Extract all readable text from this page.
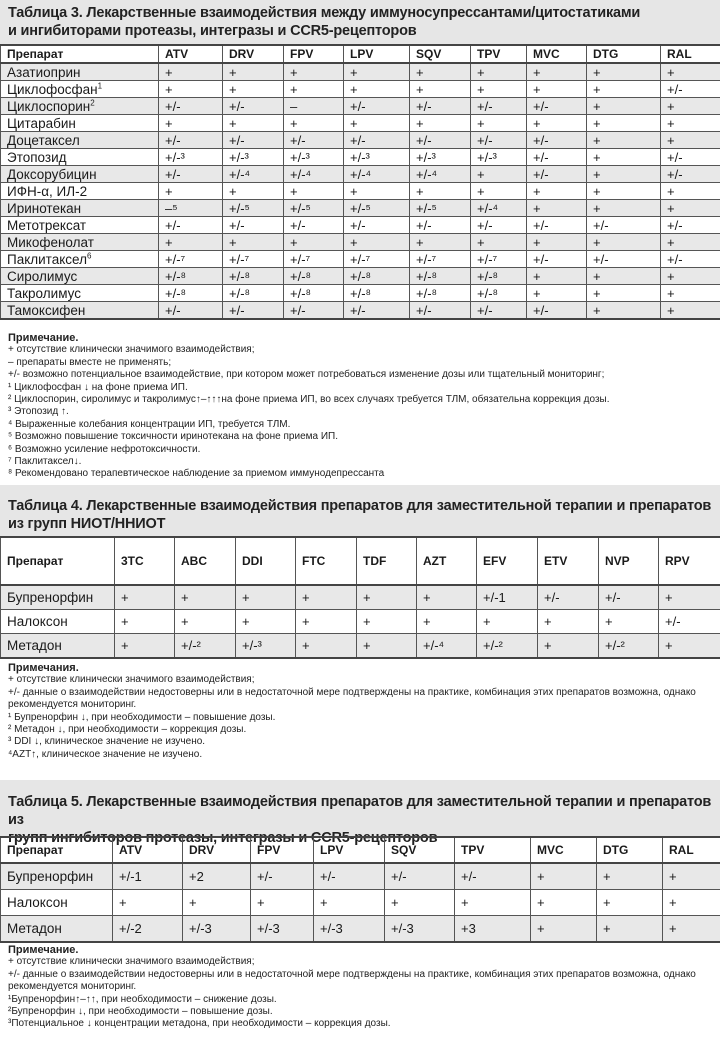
Таблица 3. Лекарственные взаимодействия между иммуносупрессантами/цитостатиками
и ингибиторами протеазы, интегразы и CCR5-рецепторов
Препарат	ATV	DRV	FPV	LPV	SQV	TPV	MVC	DTG	RAL
Азатиоприн	+	+	+	+	+	+	+	+	+
Циклофосфан$^1$	+	+	+	+	+	+	+	+	+/-
Циклоспорин$^2$	+/-	+/-	–	+/-	+/-	+/-	+/-	+	+
Цитарабин	+	+	+	+	+	+	+	+	+
Доцетаксел	+/-	+/-	+/-	+/-	+/-	+/-	+/-	+	+
Этопозид	+/-³	+/-³	+/-³	+/-³	+/-³	+/-³	+/-	+	+/-
Доксорубицин	+/-	+/-⁴	+/-⁴	+/-⁴	+/-⁴	+	+/-	+	+/-
ИФН-α, ИЛ-2	+	+	+	+	+	+	+	+	+
Иринотекан	–⁵	+/-⁵	+/-⁵	+/-⁵	+/-⁵	+/-⁴	+	+	+
Метотрексат	+/-	+/-	+/-	+/-	+/-	+/-	+/-	+/-	+/-
Микофенолат	+	+	+	+	+	+	+	+	+
Паклитаксел$^6$	+/-⁷	+/-⁷	+/-⁷	+/-⁷	+/-⁷	+/-⁷	+/-	+/-	+/-
Сиролимус	+/-⁸	+/-⁸	+/-⁸	+/-⁸	+/-⁸	+/-⁸	+	+	+
Такролимус	+/-⁸	+/-⁸	+/-⁸	+/-⁸	+/-⁸	+/-⁸	+	+	+
Тамоксифен	+/-	+/-	+/-	+/-	+/-	+/-	+/-	+	+
Примечание.
+ отсутствие клинически значимого взаимодействия;
– препараты вместе не применять;
+/- возможно потенциальное взаимодействие, при котором может потребоваться изменение дозы или тщательный мониторинг;
¹ Циклофосфан ↓ на фоне приема ИП.
² Циклоспорин, сиролимус и такролимус↑–↑↑↑на фоне приема ИП, во всех случаях требуется ТЛМ, обязательна коррекция дозы.
³ Этопозид ↑.
⁴ Выраженные колебания концентрации ИП, требуется ТЛМ.
⁵ Возможно повышение токсичности иринотекана на фоне приема ИП.
⁶ Возможно усиление нефротоксичности.
⁷ Паклитаксел↓.
⁸ Рекомендовано терапевтическое наблюдение за приемом иммунодепрессанта
Таблица 4. Лекарственные взаимодействия препаратов для заместительной терапии и препаратов
из групп НИОТ/ННИОТ
Препарат	3TC	ABC	DDI	FTC	TDF	AZT	EFV	ETV	NVP	RPV
Бупренорфин	+	+	+	+	+	+	+/-1	+/-	+/-	+
Налоксон	+	+	+	+	+	+	+	+	+	+/-
Метадон	+	+/-²	+/-³	+	+	+/-⁴	+/-²	+	+/-²	+
Примечания.
+ отсутствие клинически значимого взаимодействия;
+/- данные о взаимодействии недостоверны или в недостаточной мере подтверждены на практике, комбинация этих препаратов возможна, однако рекомендуется мониторинг.
¹ Бупренорфин ↓, при необходимости – повышение дозы.
² Метадон ↓, при необходимости – коррекция дозы.
³ DDI ↓, клиническое значение не изучено.
⁴AZT↑, клиническое значение не изучено.
Таблица 5. Лекарственные взаимодействия препаратов для заместительной терапии и препаратов из
групп ингибиторов протеазы, интегразы и CCR5-рецепторов
Препарат	ATV	DRV	FPV	LPV	SQV	TPV	MVC	DTG	RAL
Бупренорфин	+/-1	+2	+/-	+/-	+/-	+/-	+	+	+
Налоксон	+	+	+	+	+	+	+	+	+
Метадон	+/-2	+/-3	+/-3	+/-3	+/-3	+3	+	+	+
Примечание.
+ отсутствие клинически значимого взаимодействия;
+/- данные о взаимодействии недостоверны или в недостаточной мере подтверждены на практике, комбинация этих препаратов возможна, однако рекомендуется мониторинг.
¹Бупренорфин↑–↑↑, при необходимости – снижение дозы.
²Бупренорфин ↓, при необходимости – повышение дозы.
³Потенциальное ↓ концентрации метадона, при необходимости – коррекция дозы.
